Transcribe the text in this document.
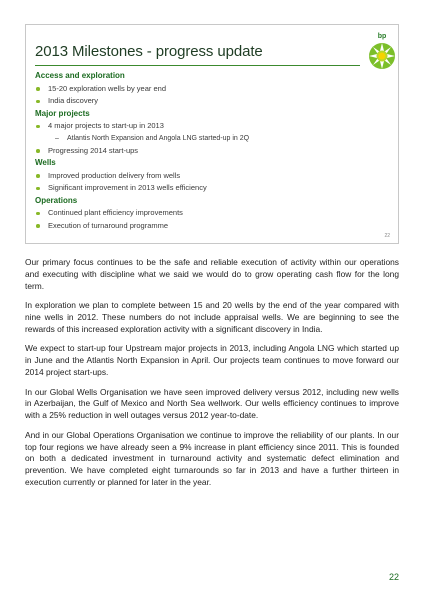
2013 Milestones - progress update
bp
Access and exploration
15-20 exploration wells by year end
India discovery
Major projects
4 major projects to start-up in 2013
– Atlantis North Expansion and Angola LNG started-up in 2Q
Progressing 2014 start-ups
Wells
Improved production delivery from wells
Significant improvement in 2013 wells efficiency
Operations
Continued plant efficiency improvements
Execution of turnaround programme
22

Our primary focus continues to be the safe and reliable execution of activity within our operations and executing with discipline what we said we would do to grow operating cash flow for the long term.

In exploration we plan to complete between 15 and 20 wells by the end of the year compared with nine wells in 2012. These numbers do not include appraisal wells. We are beginning to see the rewards of this increased exploration activity with a significant discovery in India.

We expect to start-up four Upstream major projects in 2013, including Angola LNG which started up in June and the Atlantis North Expansion in April. Our projects team continues to move forward our 2014 project start-ups.

In our Global Wells Organisation we have seen improved delivery versus 2012, including new wells in Azerbaijan, the Gulf of Mexico and North Sea wellwork. Our wells efficiency continues to improve with a 25% reduction in well outages versus 2012 year-to-date.

And in our Global Operations Organisation we continue to improve the reliability of our plants. In our top four regions we have already seen a 9% increase in plant efficiency since 2011. This is founded on both a dedicated investment in turnaround activity and systematic defect elimination and prevention. We have completed eight turnarounds so far in 2013 and have a further thirteen in execution currently or planned for later in the year.

22
